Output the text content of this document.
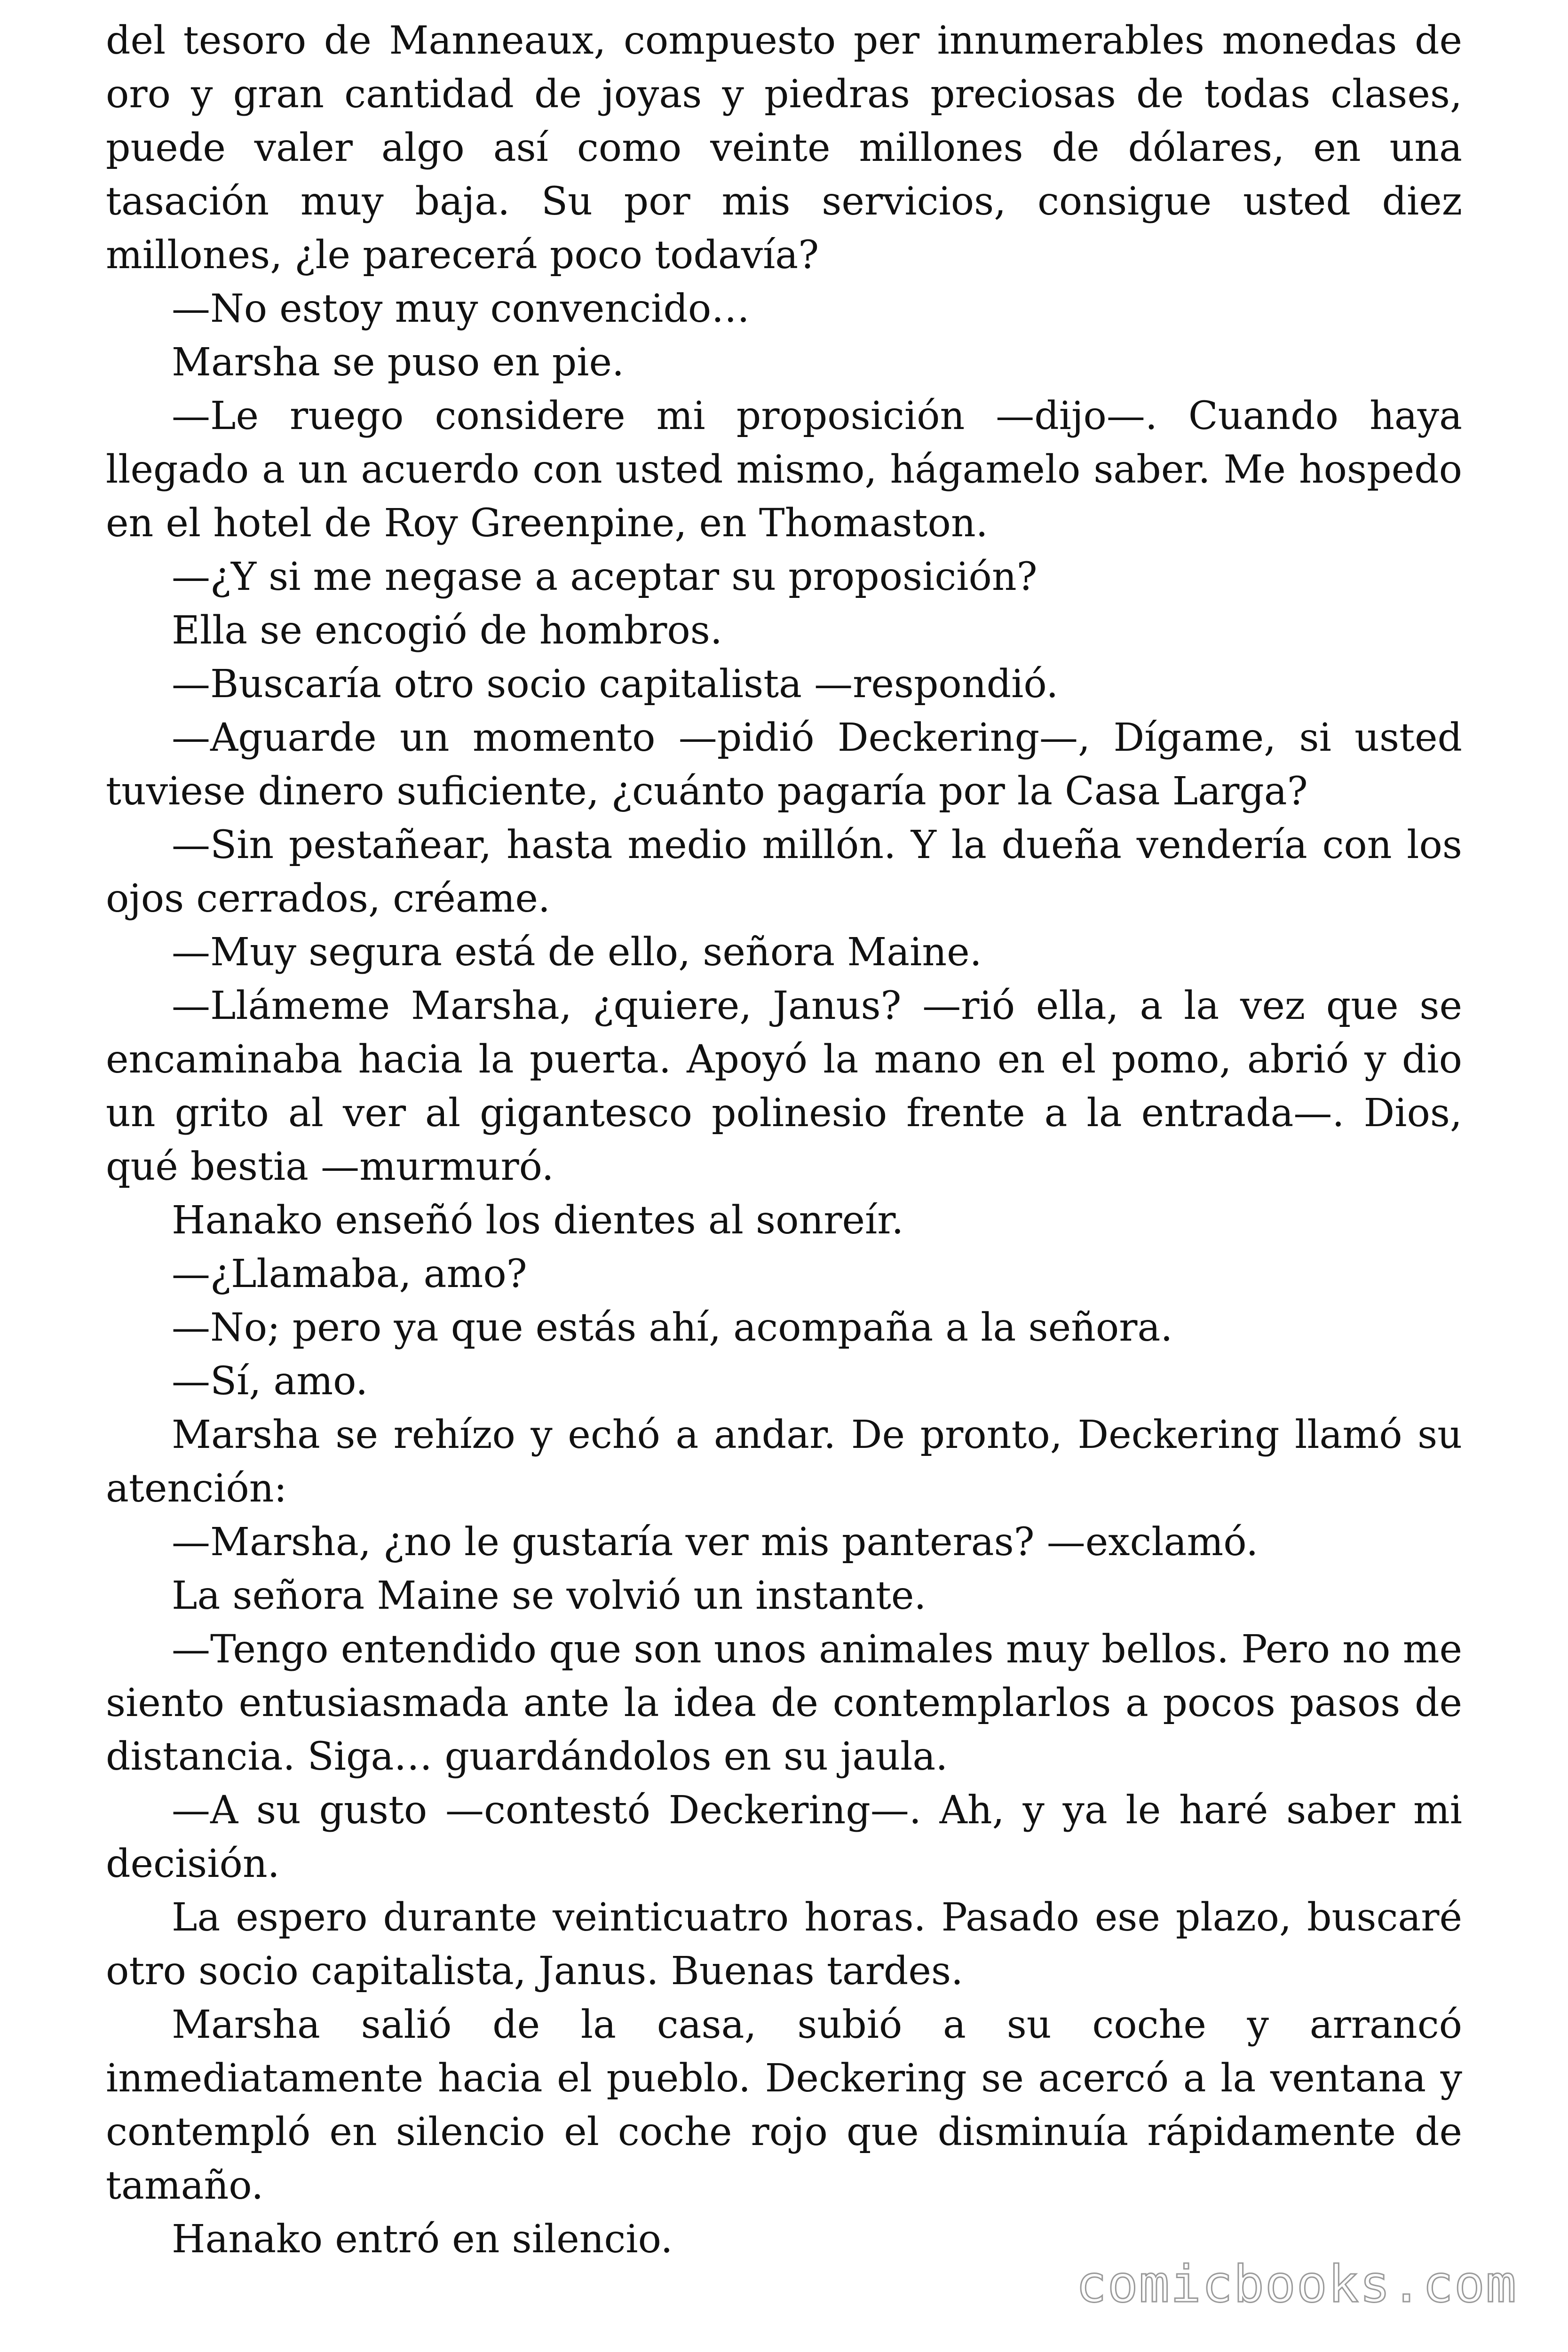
del tesoro de Manneaux, compuesto per innumerables monedas de oro y gran cantidad de joyas y piedras preciosas de todas clases, puede valer algo así como veinte millones de dólares, en una tasación muy baja. Su por mis servicios, consigue usted diez millones, ¿le parecerá poco todavía?

—No estoy muy convencido…

Marsha se puso en pie.

—Le ruego considere mi proposición —dijo—. Cuando haya llegado a un acuerdo con usted mismo, hágamelo saber. Me hospedo en el hotel de Roy Greenpine, en Thomaston.

—¿Y si me negase a aceptar su proposición?

Ella se encogió de hombros.

—Buscaría otro socio capitalista —respondió.

—Aguarde un momento —pidió Deckering—, Dígame, si usted tuviese dinero suficiente, ¿cuánto pagaría por la Casa Larga?

—Sin pestañear, hasta medio millón. Y la dueña vendería con los ojos cerrados, créame.

—Muy segura está de ello, señora Maine.

—Llámeme Marsha, ¿quiere, Janus? —rió ella, a la vez que se encaminaba hacia la puerta. Apoyó la mano en el pomo, abrió y dio un grito al ver al gigantesco polinesio frente a la entrada—. Dios, qué bestia —murmuró.

Hanako enseñó los dientes al sonreír.

—¿Llamaba, amo?

—No; pero ya que estás ahí, acompaña a la señora.

—Sí, amo.

Marsha se rehízo y echó a andar. De pronto, Deckering llamó su atención:

—Marsha, ¿no le gustaría ver mis panteras? —exclamó.

La señora Maine se volvió un instante.

—Tengo entendido que son unos animales muy bellos. Pero no me siento entusiasmada ante la idea de contemplarlos a pocos pasos de distancia. Siga… guardándolos en su jaula.

—A su gusto —contestó Deckering—. Ah, y ya le haré saber mi decisión.

La espero durante veinticuatro horas. Pasado ese plazo, buscaré otro socio capitalista, Janus. Buenas tardes.

Marsha salió de la casa, subió a su coche y arrancó inmediatamente hacia el pueblo. Deckering se acercó a la ventana y contempló en silencio el coche rojo que disminuía rápidamente de tamaño.

Hanako entró en silencio.

comicbooks.com
